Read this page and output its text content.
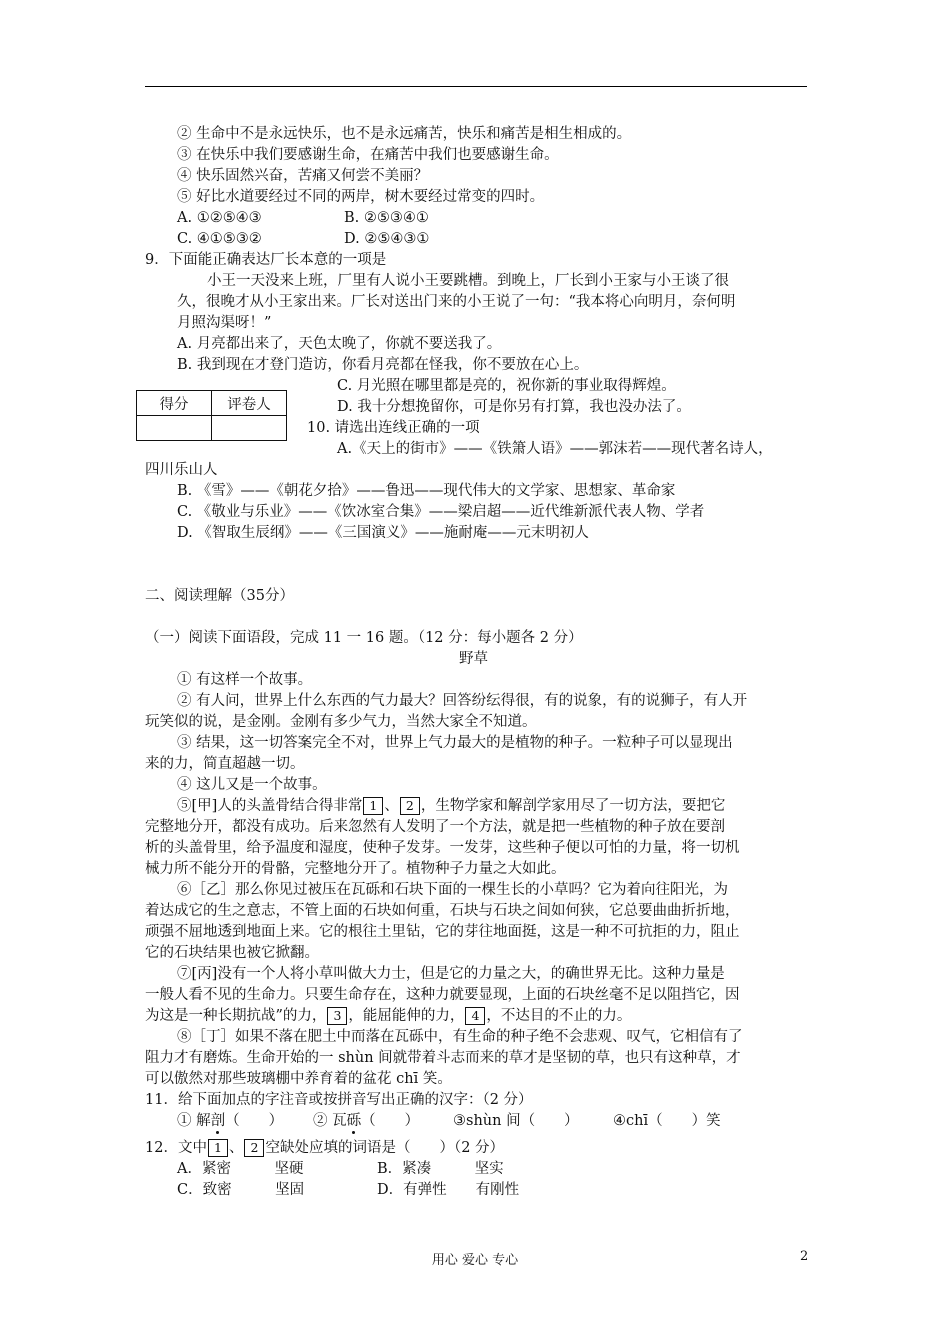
② 生命中不是永远快乐，也不是永远痛苦，快乐和痛苦是相生相成的。
③ 在快乐中我们要感谢生命，在痛苦中我们也要感谢生命。
④ 快乐固然兴奋，苦痛又何尝不美丽？
⑤ 好比水道要经过不同的两岸，树木要经过常变的四时。
A. ①②⑤④③	B. ②⑤③④①
C. ④①⑤③②	D. ②⑤④③①
9．下面能正确表达厂长本意的一项是
小王一天没来上班，厂里有人说小王要跳槽。到晚上，厂长到小王家与小王谈了很
久，很晚才从小王家出来。厂长对送出门来的小王说了一句：“我本将心向明月，奈何明
月照沟渠呀！”
A. 月亮都出来了，天色太晚了，你就不要送我了。
B. 我到现在才登门造访，你看月亮都在怪我，你不要放在心上。
C. 月光照在哪里都是亮的，祝你新的事业取得辉煌。
D. 我十分想挽留你，可是你另有打算，我也没办法了。
得分	评卷人

10. 请选出连线正确的一项
A.《天上的街市》——《铁箫人语》——郭沫若——现代著名诗人，
四川乐山人
B. 《雪》——《朝花夕拾》——鲁迅——现代伟大的文学家、思想家、革命家
C. 《敬业与乐业》——《饮冰室合集》——梁启超——近代维新派代表人物、学者
D. 《智取生辰纲》——《三国演义》——施耐庵——元末明初人
二、阅读理解（35分）
（一）阅读下面语段，完成 11 一 16 题。（12 分：每小题各 2 分）
野草
① 有这样一个故事。
② 有人问，世界上什么东西的气力最大？回答纷纭得很，有的说象，有的说狮子，有人开
玩笑似的说，是金刚。金刚有多少气力，当然大家全不知道。
③ 结果，这一切答案完全不对，世界上气力最大的是植物的种子。一粒种子可以显现出
来的力，简直超越一切。
④ 这儿又是一个故事。
⑤[甲]人的头盖骨结合得非常 1 、 2 ，生物学家和解剖学家用尽了一切方法，要把它
完整地分开，都没有成功。后来忽然有人发明了一个方法，就是把一些植物的种子放在要剖
析的头盖骨里，给予温度和湿度，使种子发芽。一发芽，这些种子便以可怕的力量，将一切机
械力所不能分开的骨骼，完整地分开了。植物种子力量之大如此。
⑥［乙］那么你见过被压在瓦砾和石块下面的一棵生长的小草吗？它为着向往阳光，为
着达成它的生之意志，不管上面的石块如何重，石块与石块之间如何狭，它总要曲曲折折地，
顽强不屈地透到地面上来。它的根往土里钻，它的芽往地面挺，这是一种不可抗拒的力，阻止
它的石块结果也被它掀翻。
⑦[丙]没有一个人将小草叫做大力士，但是它的力量之大，的确世界无比。这种力量是
一般人看不见的生命力。只要生命存在，这种力就要显现，上面的石块丝毫不足以阻挡它，因
为这是一种长期抗战”的力， 3 ，能屈能伸的力， 4 ，不达目的不止的力。
⑧［丁］如果不落在肥土中而落在瓦砾中，有生命的种子绝不会悲观、叹气，它相信有了
阻力才有磨炼。生命开始的一 shùn 间就带着斗志而来的草才是坚韧的草，也只有这种草，才
可以傲然对那些玻璃棚中养育着的盆花 chī 笑。
11．给下面加点的字注音或按拼音写出正确的汉字：（2 分）
① 解剖（　　） ② 瓦砾（　　） ③shùn 间（　　） ④chī（　　）笑
12．文中 1 、 2 空缺处应填的词语是（　　）（2 分）
A．紧密　　　坚硬	B．紧凑　　　坚实
C．致密　　　坚固	D．有弹性　　有刚性
用心 爱心 专心	2
